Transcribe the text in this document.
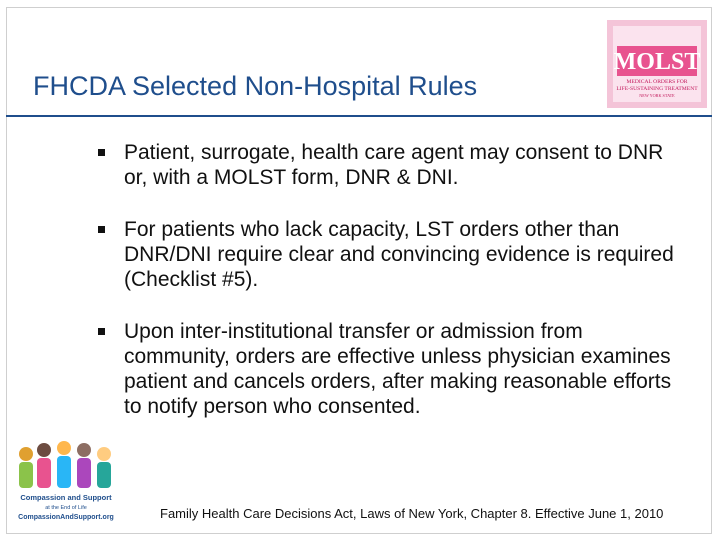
FHCDA Selected Non-Hospital Rules
MOLST
MEDICAL ORDERS FOR
LIFE-SUSTAINING TREATMENT
NEW YORK STATE
Patient, surrogate, health care agent may consent to DNR or, with a MOLST form, DNR & DNI.
For patients who lack capacity, LST orders other than DNR/DNI require clear and convincing evidence is required (Checklist #5).
Upon inter-institutional transfer or admission from community, orders are effective unless physician examines patient and cancels orders, after making reasonable efforts to notify person who consented.
Compassion and Support
at the End of Life
CompassionAndSupport.org	Family Health Care Decisions Act, Laws of New York, Chapter 8. Effective June 1, 2010
